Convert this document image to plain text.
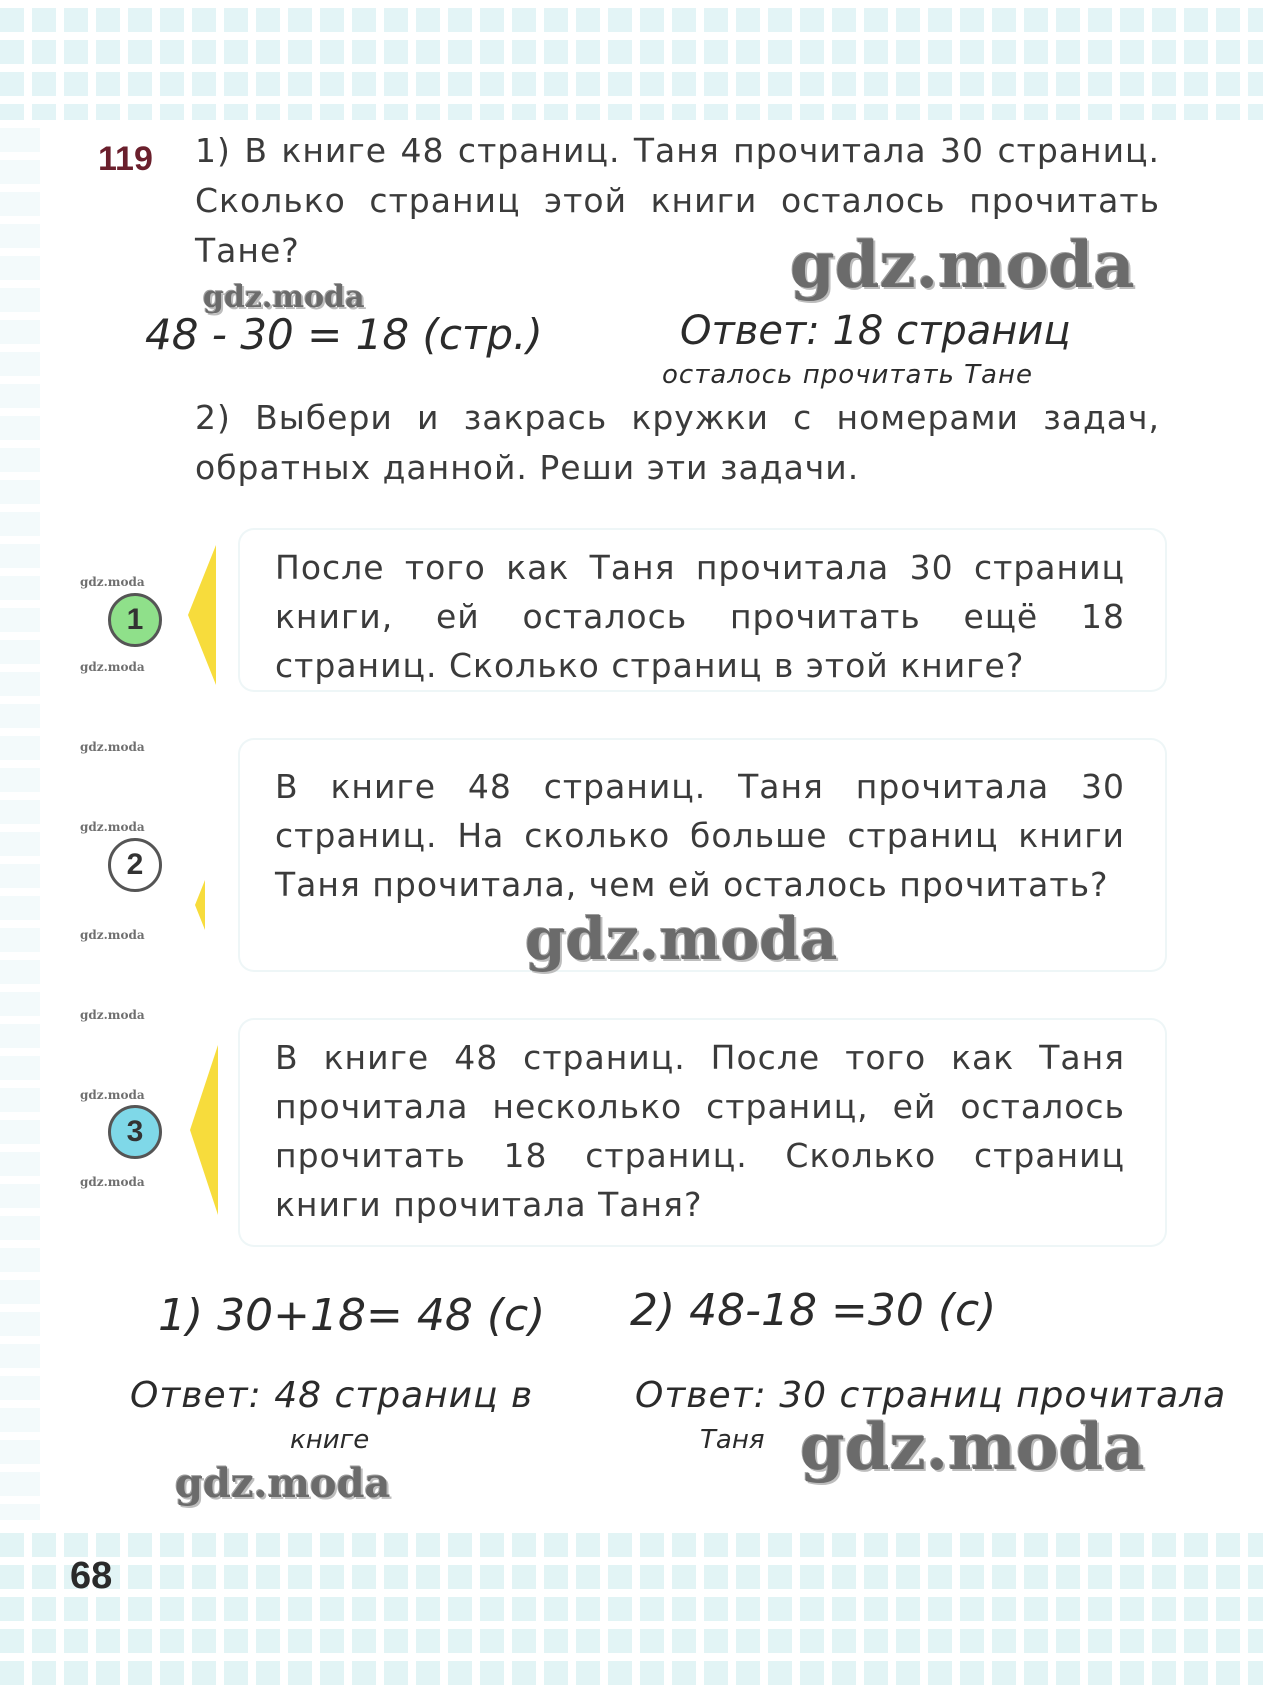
119 1) В книге 48 страниц. Таня прочитала 30 страниц. Сколько страниц этой книги осталось прочитать Тане?	gdz.moda
gdz.moda
48 - 30 = 18 (стр.)	Ответ: 18 страниц
осталось прочитать Тане
2) Выбери и закрась кружки с номерами задач, обратных данной. Реши эти задачи.
gdz.moda
1
gdz.moda
После того как Таня прочитала 30 страниц книги, ей осталось прочитать ещё 18 страниц. Сколько страниц в этой книге?
gdz.moda
gdz.moda
2
gdz.moda
В книге 48 страниц. Таня прочитала 30 страниц. На сколько больше страниц книги Таня прочитала, чем ей осталось прочитать?
gdz.moda
gdz.moda
gdz.moda
3
gdz.moda
В книге 48 страниц. После того как Таня прочитала несколько страниц, ей осталось прочитать 18 страниц. Сколько страниц книги прочитала Таня?
1) 30+18= 48 (с) 2) 48-18 =30 (с)
Ответ: 48 страниц в
книге
Ответ: 30 страниц прочитала
Таня gdz.moda
gdz.moda
68
